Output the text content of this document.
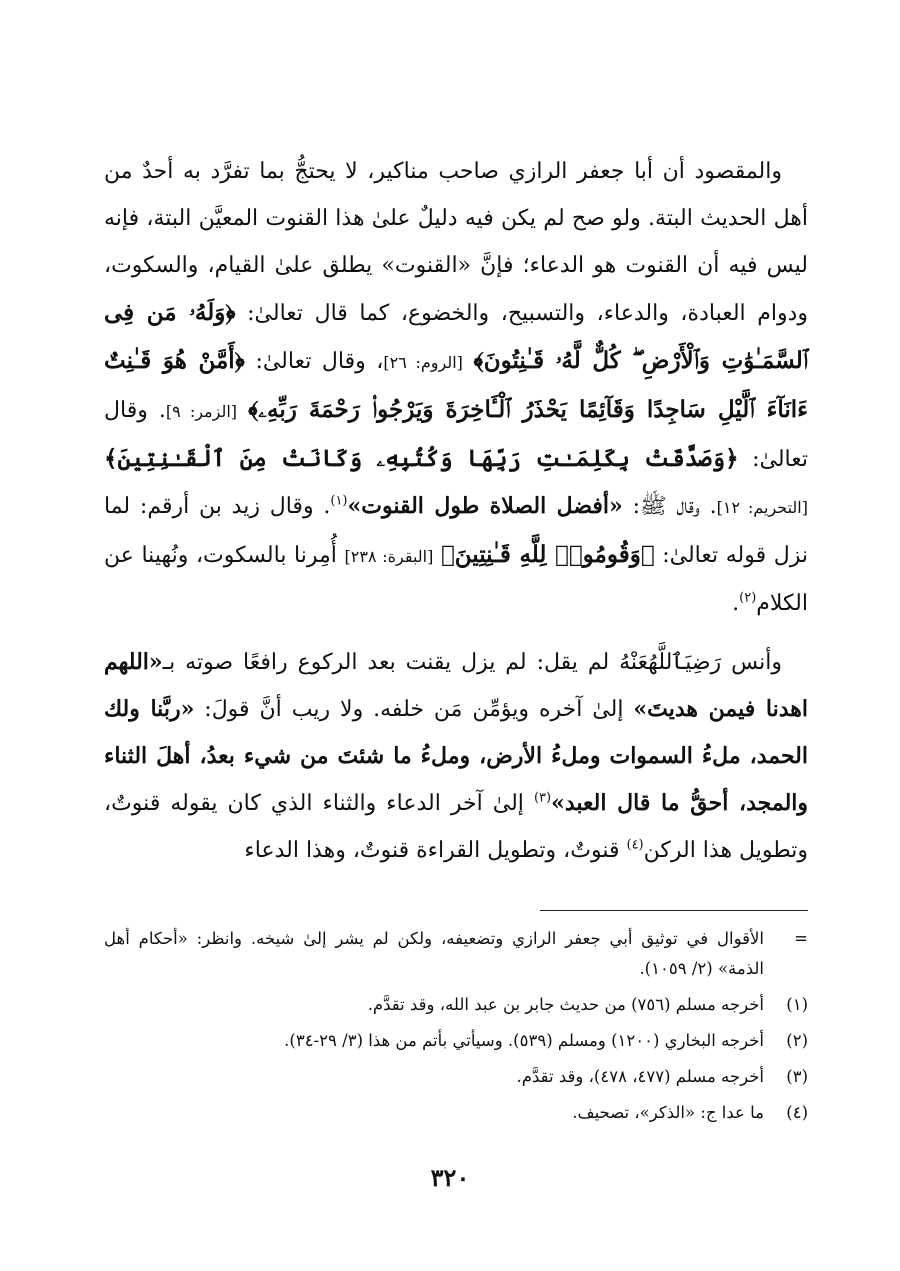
والمقصود أن أبا جعفر الرازي صاحب مناكير، لا يحتجُّ بما تفرَّد به أحدٌ من أهل الحديث البتة. ولو صح لم يكن فيه دليلٌ علىٰ هذا القنوت المعيَّن البتة، فإنه ليس فيه أن القنوت هو الدعاء؛ فإنَّ «القنوت» يطلق علىٰ القيام، والسكوت، ودوام العبادة، والدعاء، والتسبيح، والخضوع، كما قال تعالىٰ: ﴿وَلَهُۥ مَن فِى ٱلسَّمَـٰوَٰتِ وَٱلْأَرْضِ ۖ كُلٌّ لَّهُۥ قَـٰنِتُونَ﴾ [الروم: ٢٦]، وقال تعالىٰ: ﴿أَمَّنْ هُوَ قَـٰنِتٌ ءَانَآءَ ٱلَّيْلِ سَاجِدًا وَقَآئِمًا يَحْذَرُ ٱلْـَٔاخِرَةَ وَيَرْجُوا۟ رَحْمَةَ رَبِّهِۦ﴾ [الزمر: ٩]. وقال تعالىٰ: ﴿وَصَدَّقَتْ بِكَلِمَـٰتِ رَبِّهَا وَكُتُبِهِۦ وَكَانَتْ مِنَ ٱلْقَـٰنِتِينَ﴾ [التحريم: ١٢]. وقال ﷺ: «أفضل الصلاة طول القنوت»$^{(١)}$. وقال زيد بن أرقم: لما نزل قوله تعالىٰ: ﴿وَقُومُوا۟ لِلَّهِ قَـٰنِتِينَ﴾ [البقرة: ٢٣٨] أُمِرنا بالسكوت، ونُهينا عن الكلام$^{(٢)}$.

وأنس رَضِيَٱللَّهُعَنْهُ لم يقل: لم يزل يقنت بعد الركوع رافعًا صوته بـ«اللهم اهدنا فيمن هديتَ» إلىٰ آخره ويؤمِّن مَن خلفه. ولا ريب أنَّ قولَ: «ربَّنا ولك الحمد، ملءُ السموات وملءُ الأرض، وملءُ ما شئتَ من شيء بعدُ، أهلَ الثناء والمجد، أحقُّ ما قال العبد»$^{(٣)}$ إلىٰ آخر الدعاء والثناء الذي كان يقوله قنوتٌ، وتطويل هذا الركن$^{(٤)}$ قنوتٌ، وتطويل القراءة قنوتٌ، وهذا الدعاء

=
الأقوال في توثيق أبي جعفر الرازي وتضعيفه، ولكن لم يشر إلىٰ شيخه. وانظر: «أحكام أهل الذمة» (٢/ ١٠٥٩).
(١)
أخرجه مسلم (٧٥٦) من حديث جابر بن عبد الله، وقد تقدَّم.
(٢)
أخرجه البخاري (١٢٠٠) ومسلم (٥٣٩). وسيأتي بأتم من هذا (٣/ ٢٩-٣٤).
(٣)
أخرجه مسلم (٤٧٧، ٤٧٨)، وقد تقدَّم.
(٤)
ما عدا ج: «الذكر»، تصحيف.
٣٢٠
